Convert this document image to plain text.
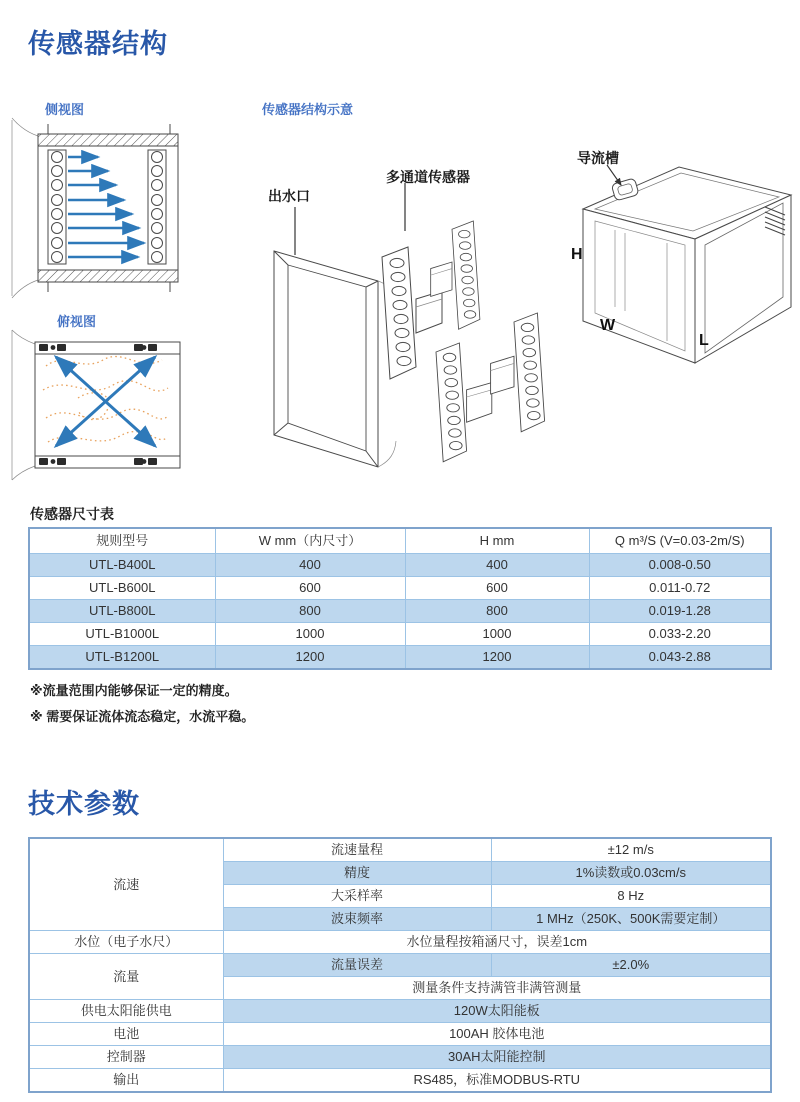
传感器结构
侧视图	传感器结构示意
俯视图
出水口
多通道传感器
导流槽
H
W
L
传感器尺寸表
规则型号	W mm（内尺寸）	H mm	Q m³/S (V=0.03-2m/S)
UTL-B400L	400	400	0.008-0.50
UTL-B600L	600	600	0.011-0.72
UTL-B800L	800	800	0.019-1.28
UTL-B1000L	1000	1000	0.033-2.20
UTL-B1200L	1200	1200	0.043-2.88
※流量范围内能够保证一定的精度。
※ 需要保证流体流态稳定，水流平稳。
技术参数
流速	流速量程	±12 m/s
	精度	1%读数或0.03cm/s
	大采样率	8 Hz
	波束频率	1 MHz（250K、500K需要定制）
水位（电子水尺）	水位量程按箱涵尺寸，误差1cm	
流量	流量误差	±2.0%
	测量条件支持满管非满管测量	
供电太阳能供电	120W太阳能板	
电池	100AH 胶体电池	
控制器	30AH太阳能控制	
输出	RS485，标准MODBUS-RTU	
